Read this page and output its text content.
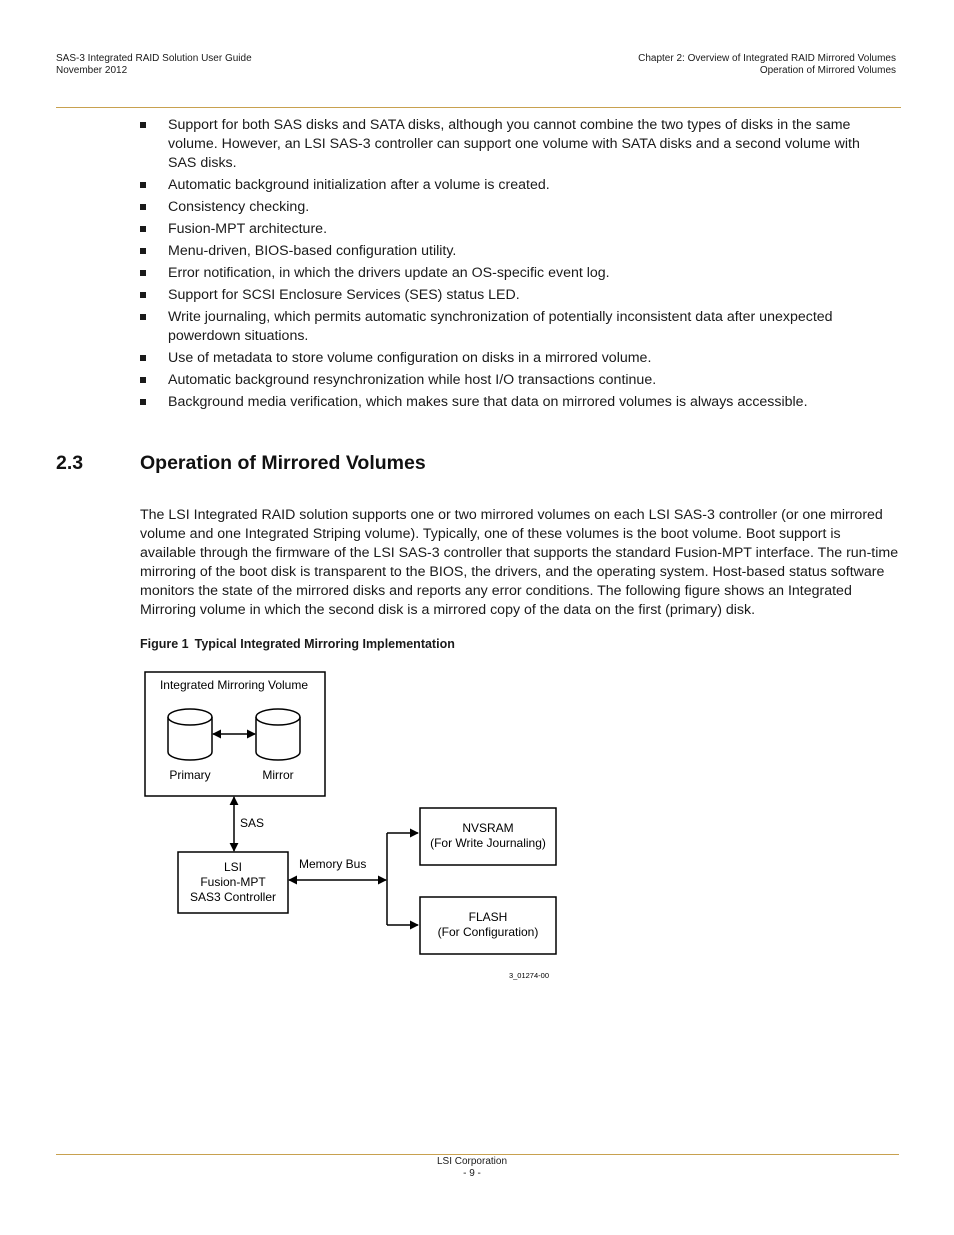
SAS-3 Integrated RAID Solution User Guide
November 2012
Chapter 2: Overview of Integrated RAID Mirrored Volumes
Operation of Mirrored Volumes
Support for both SAS disks and SATA disks, although you cannot combine the two types of disks in the same volume. However, an LSI SAS-3 controller can support one volume with SATA disks and a second volume with SAS disks.
Automatic background initialization after a volume is created.
Consistency checking.
Fusion-MPT architecture.
Menu-driven, BIOS-based configuration utility.
Error notification, in which the drivers update an OS-specific event log.
Support for SCSI Enclosure Services (SES) status LED.
Write journaling, which permits automatic synchronization of potentially inconsistent data after unexpected powerdown situations.
Use of metadata to store volume configuration on disks in a mirrored volume.
Automatic background resynchronization while host I/O transactions continue.
Background media verification, which makes sure that data on mirrored volumes is always accessible.
2.3	Operation of Mirrored Volumes

The LSI Integrated RAID solution supports one or two mirrored volumes on each LSI SAS-3 controller (or one mirrored volume and one Integrated Striping volume). Typically, one of these volumes is the boot volume. Boot support is available through the firmware of the LSI SAS-3 controller that supports the standard Fusion-MPT interface. The run-time mirroring of the boot disk is transparent to the BIOS, the drivers, and the operating system. Host-based status software monitors the state of the mirrored disks and reports any error conditions. The following figure shows an Integrated Mirroring volume in which the second disk is a mirrored copy of the data on the first (primary) disk.

Figure 1 Typical Integrated Mirroring Implementation
Integrated Mirroring Volume
Primary	Mirror
SAS
LSI
Fusion-MPT
SAS3 Controller
Memory Bus
NVSRAM
(For Write Journaling)
FLASH
(For Configuration)
3_01274-00
LSI Corporation
- 9 -
